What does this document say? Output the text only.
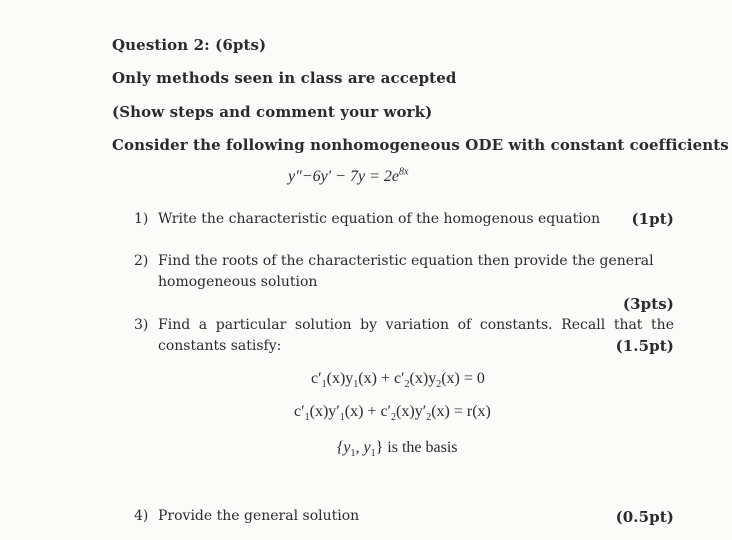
Question 2: (6pts)
Only methods seen in class are accepted
(Show steps and comment your work)
Consider the following nonhomogeneous ODE with constant coefficients
$y''-6y' - 7y = 2e^{8x}$
1) Write the characteristic equation of the homogenous equation (1pt)
2) Find the roots of the characteristic equation then provide the general
homogeneous solution
(3pts)
3) Find a particular solution by variation of constants. Recall that the
constants satisfy:	(1.5pt)
$c'_1(x)y_1(x) + c'_2(x)y_2(x) = 0$
$c'_1(x)y'_1(x) + c'_2(x)y'_2(x) = r(x)$
{$y_1$, $y_1$} is the basis
4) Provide the general solution	(0.5pt)
